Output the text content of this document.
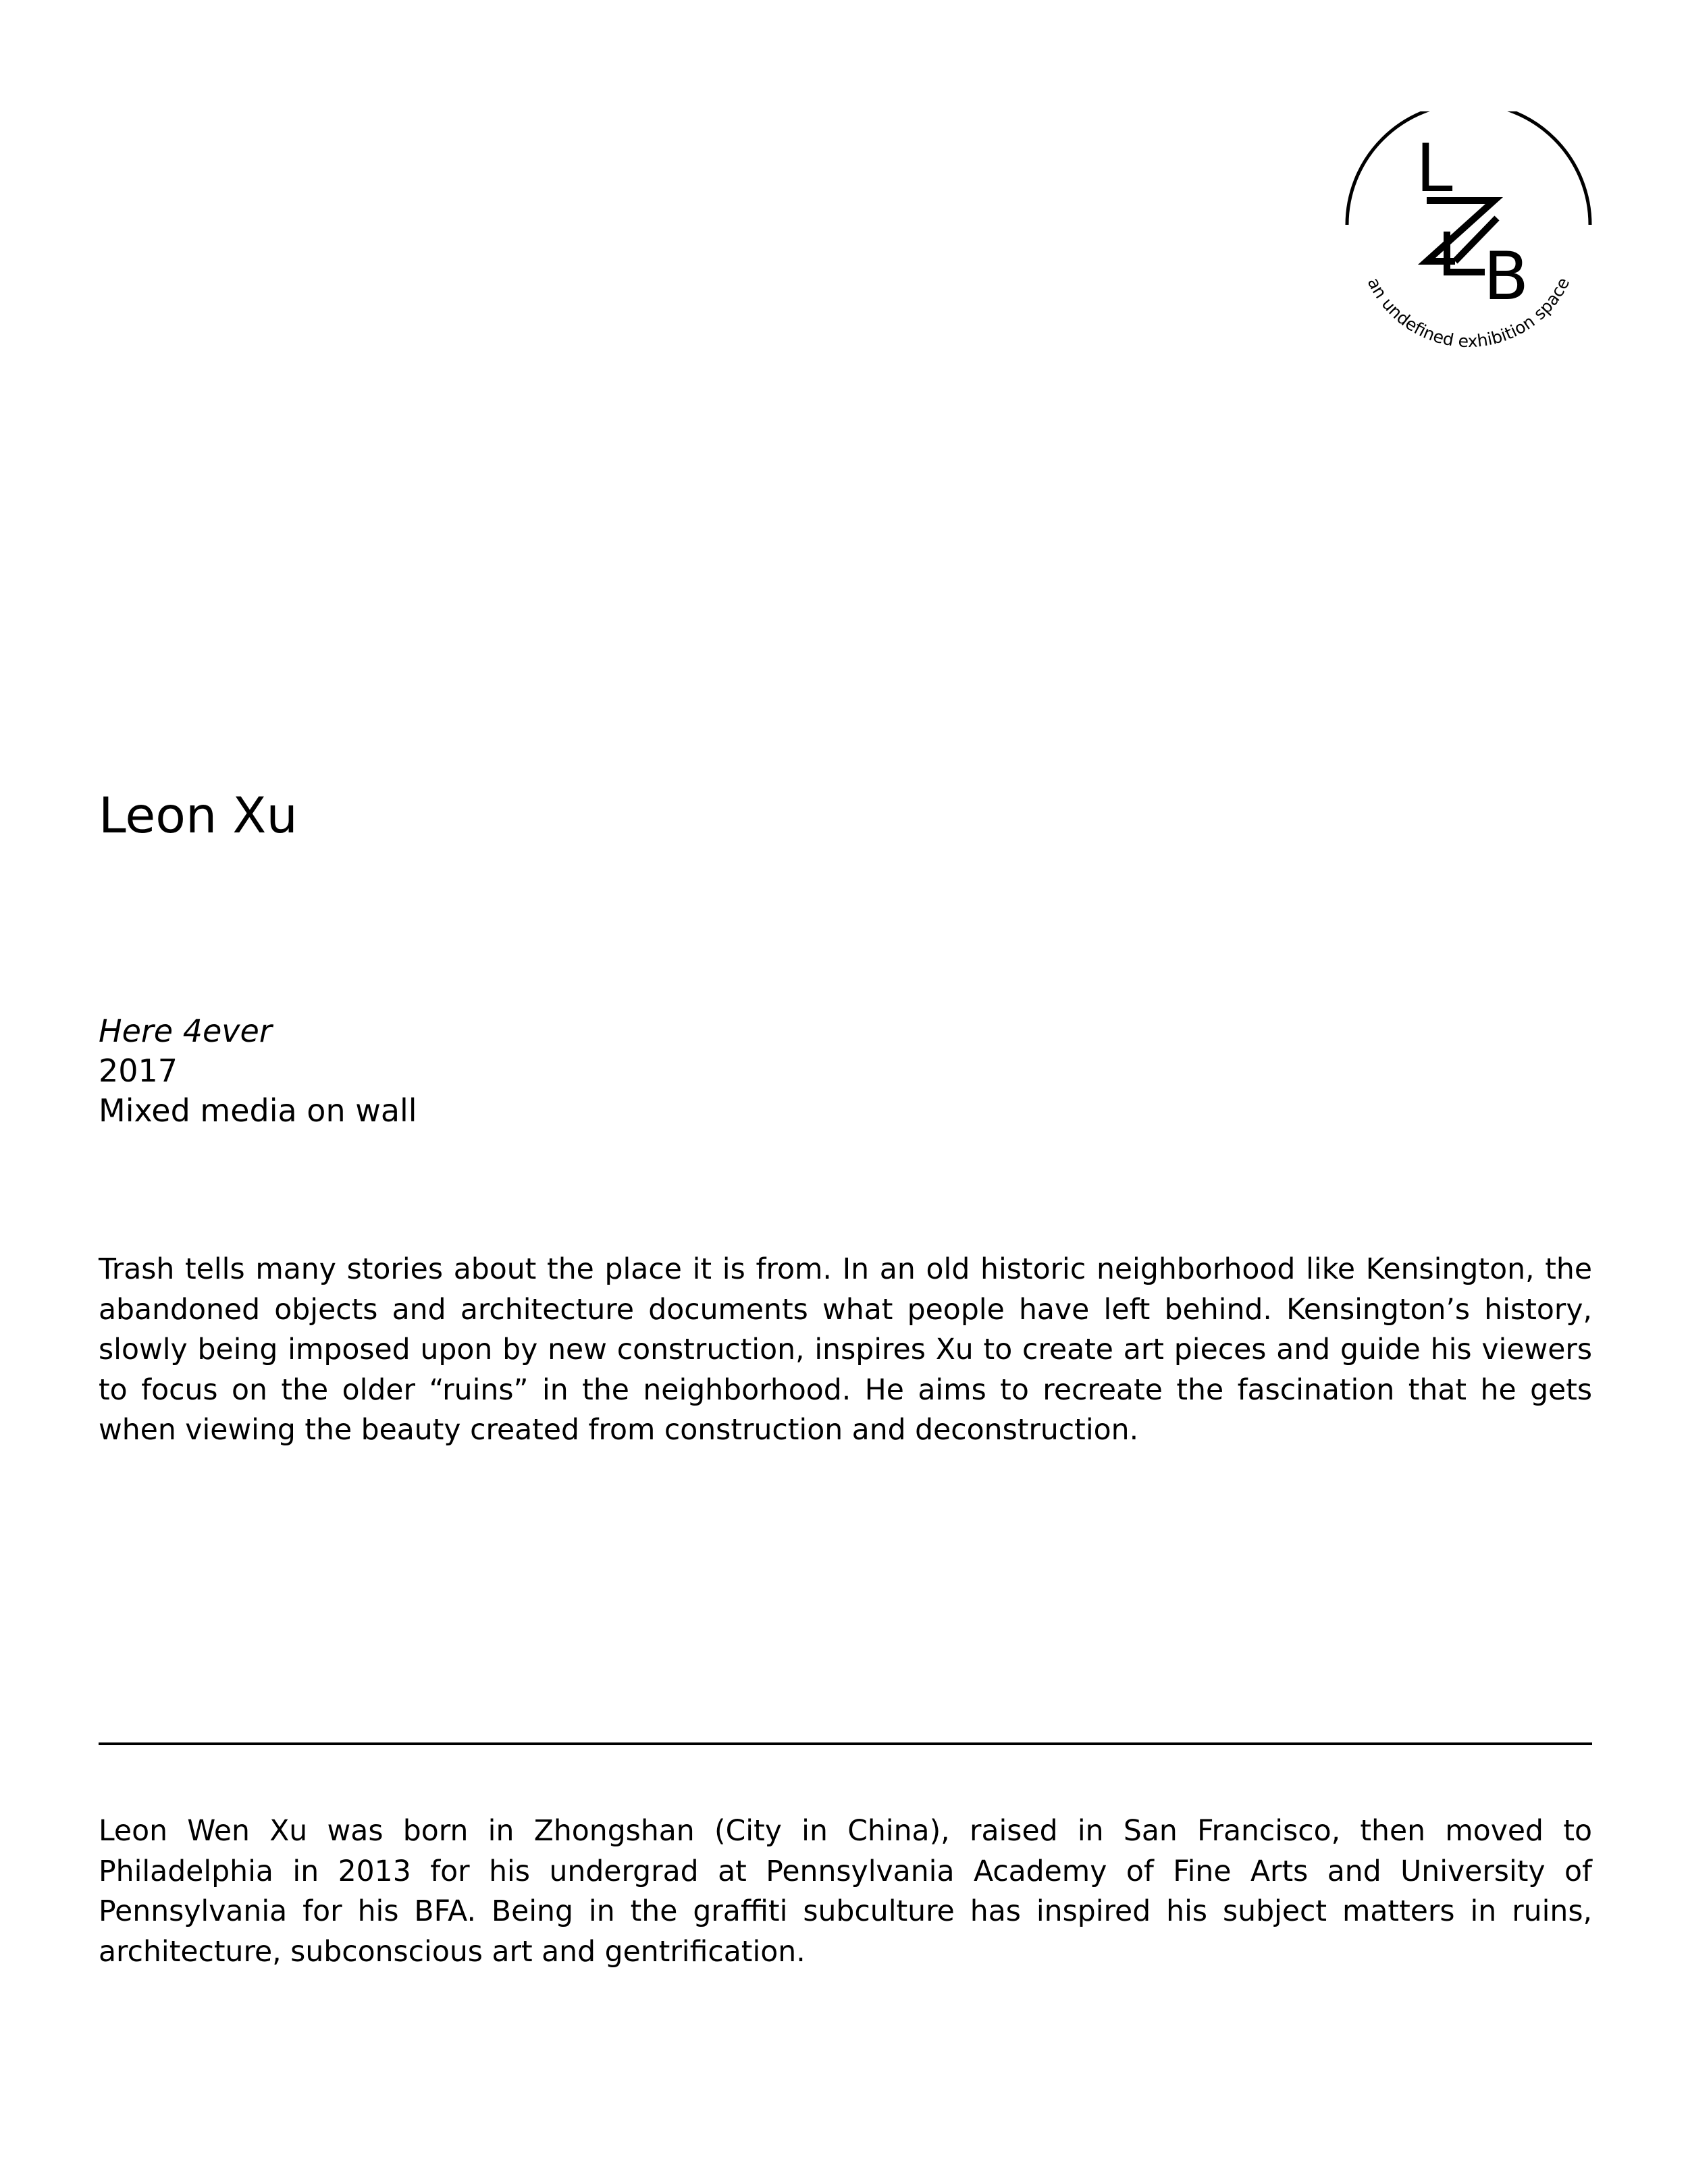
L
B
an undefined exhibition space
Leon Xu
Here 4ever
2017
Mixed media on wall

Trash tells many stories about the place it is from. In an old historic neighborhood like Kensington, the abandoned objects and architecture documents what people have left behind. Kensington’s history, slowly being imposed upon by new construction, inspires Xu to create art pieces and guide his viewers to focus on the older “ruins” in the neighborhood. He aims to recreate the fascination that he gets when viewing the beauty created from construction and deconstruction.

Leon Wen Xu was born in Zhongshan (City in China), raised in San Francisco, then moved to Philadelphia in 2013 for his undergrad at Pennsylvania Academy of Fine Arts and University of Pennsylvania for his BFA. Being in the graffiti subculture has inspired his subject matters in ruins, architecture, subconscious art and gentrification.
